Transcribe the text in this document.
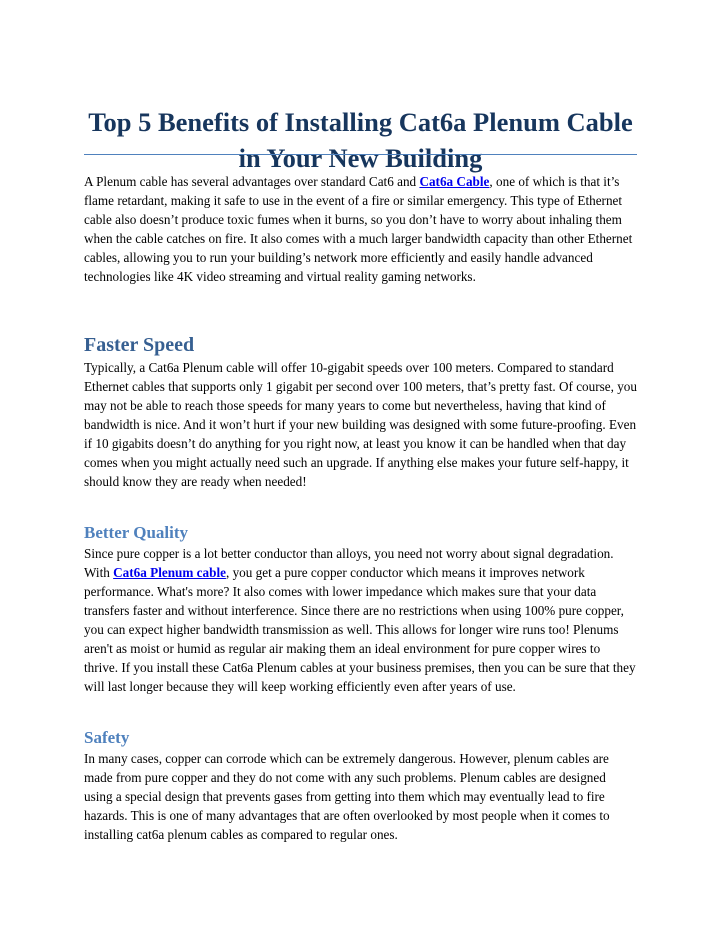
Top 5 Benefits of Installing Cat6a Plenum Cable in Your New Building

A Plenum cable has several advantages over standard Cat6 and Cat6a Cable, one of which is that it’s flame retardant, making it safe to use in the event of a fire or similar emergency. This type of Ethernet cable also doesn’t produce toxic fumes when it burns, so you don’t have to worry about inhaling them when the cable catches on fire. It also comes with a much larger bandwidth capacity than other Ethernet cables, allowing you to run your building’s network more efficiently and easily handle advanced technologies like 4K video streaming and virtual reality gaming networks.

Faster Speed

Typically, a Cat6a Plenum cable will offer 10-gigabit speeds over 100 meters. Compared to standard Ethernet cables that supports only 1 gigabit per second over 100 meters, that’s pretty fast. Of course, you may not be able to reach those speeds for many years to come but nevertheless, having that kind of bandwidth is nice. And it won’t hurt if your new building was designed with some future-proofing. Even if 10 gigabits doesn’t do anything for you right now, at least you know it can be handled when that day comes when you might actually need such an upgrade. If anything else makes your future self-happy, it should know they are ready when needed!

Better Quality

Since pure copper is a lot better conductor than alloys, you need not worry about signal degradation. With Cat6a Plenum cable, you get a pure copper conductor which means it improves network performance. What's more? It also comes with lower impedance which makes sure that your data transfers faster and without interference. Since there are no restrictions when using 100% pure copper, you can expect higher bandwidth transmission as well. This allows for longer wire runs too! Plenums aren't as moist or humid as regular air making them an ideal environment for pure copper wires to thrive. If you install these Cat6a Plenum cables at your business premises, then you can be sure that they will last longer because they will keep working efficiently even after years of use.

Safety

In many cases, copper can corrode which can be extremely dangerous. However, plenum cables are made from pure copper and they do not come with any such problems. Plenum cables are designed using a special design that prevents gases from getting into them which may eventually lead to fire hazards. This is one of many advantages that are often overlooked by most people when it comes to installing cat6a plenum cables as compared to regular ones.
